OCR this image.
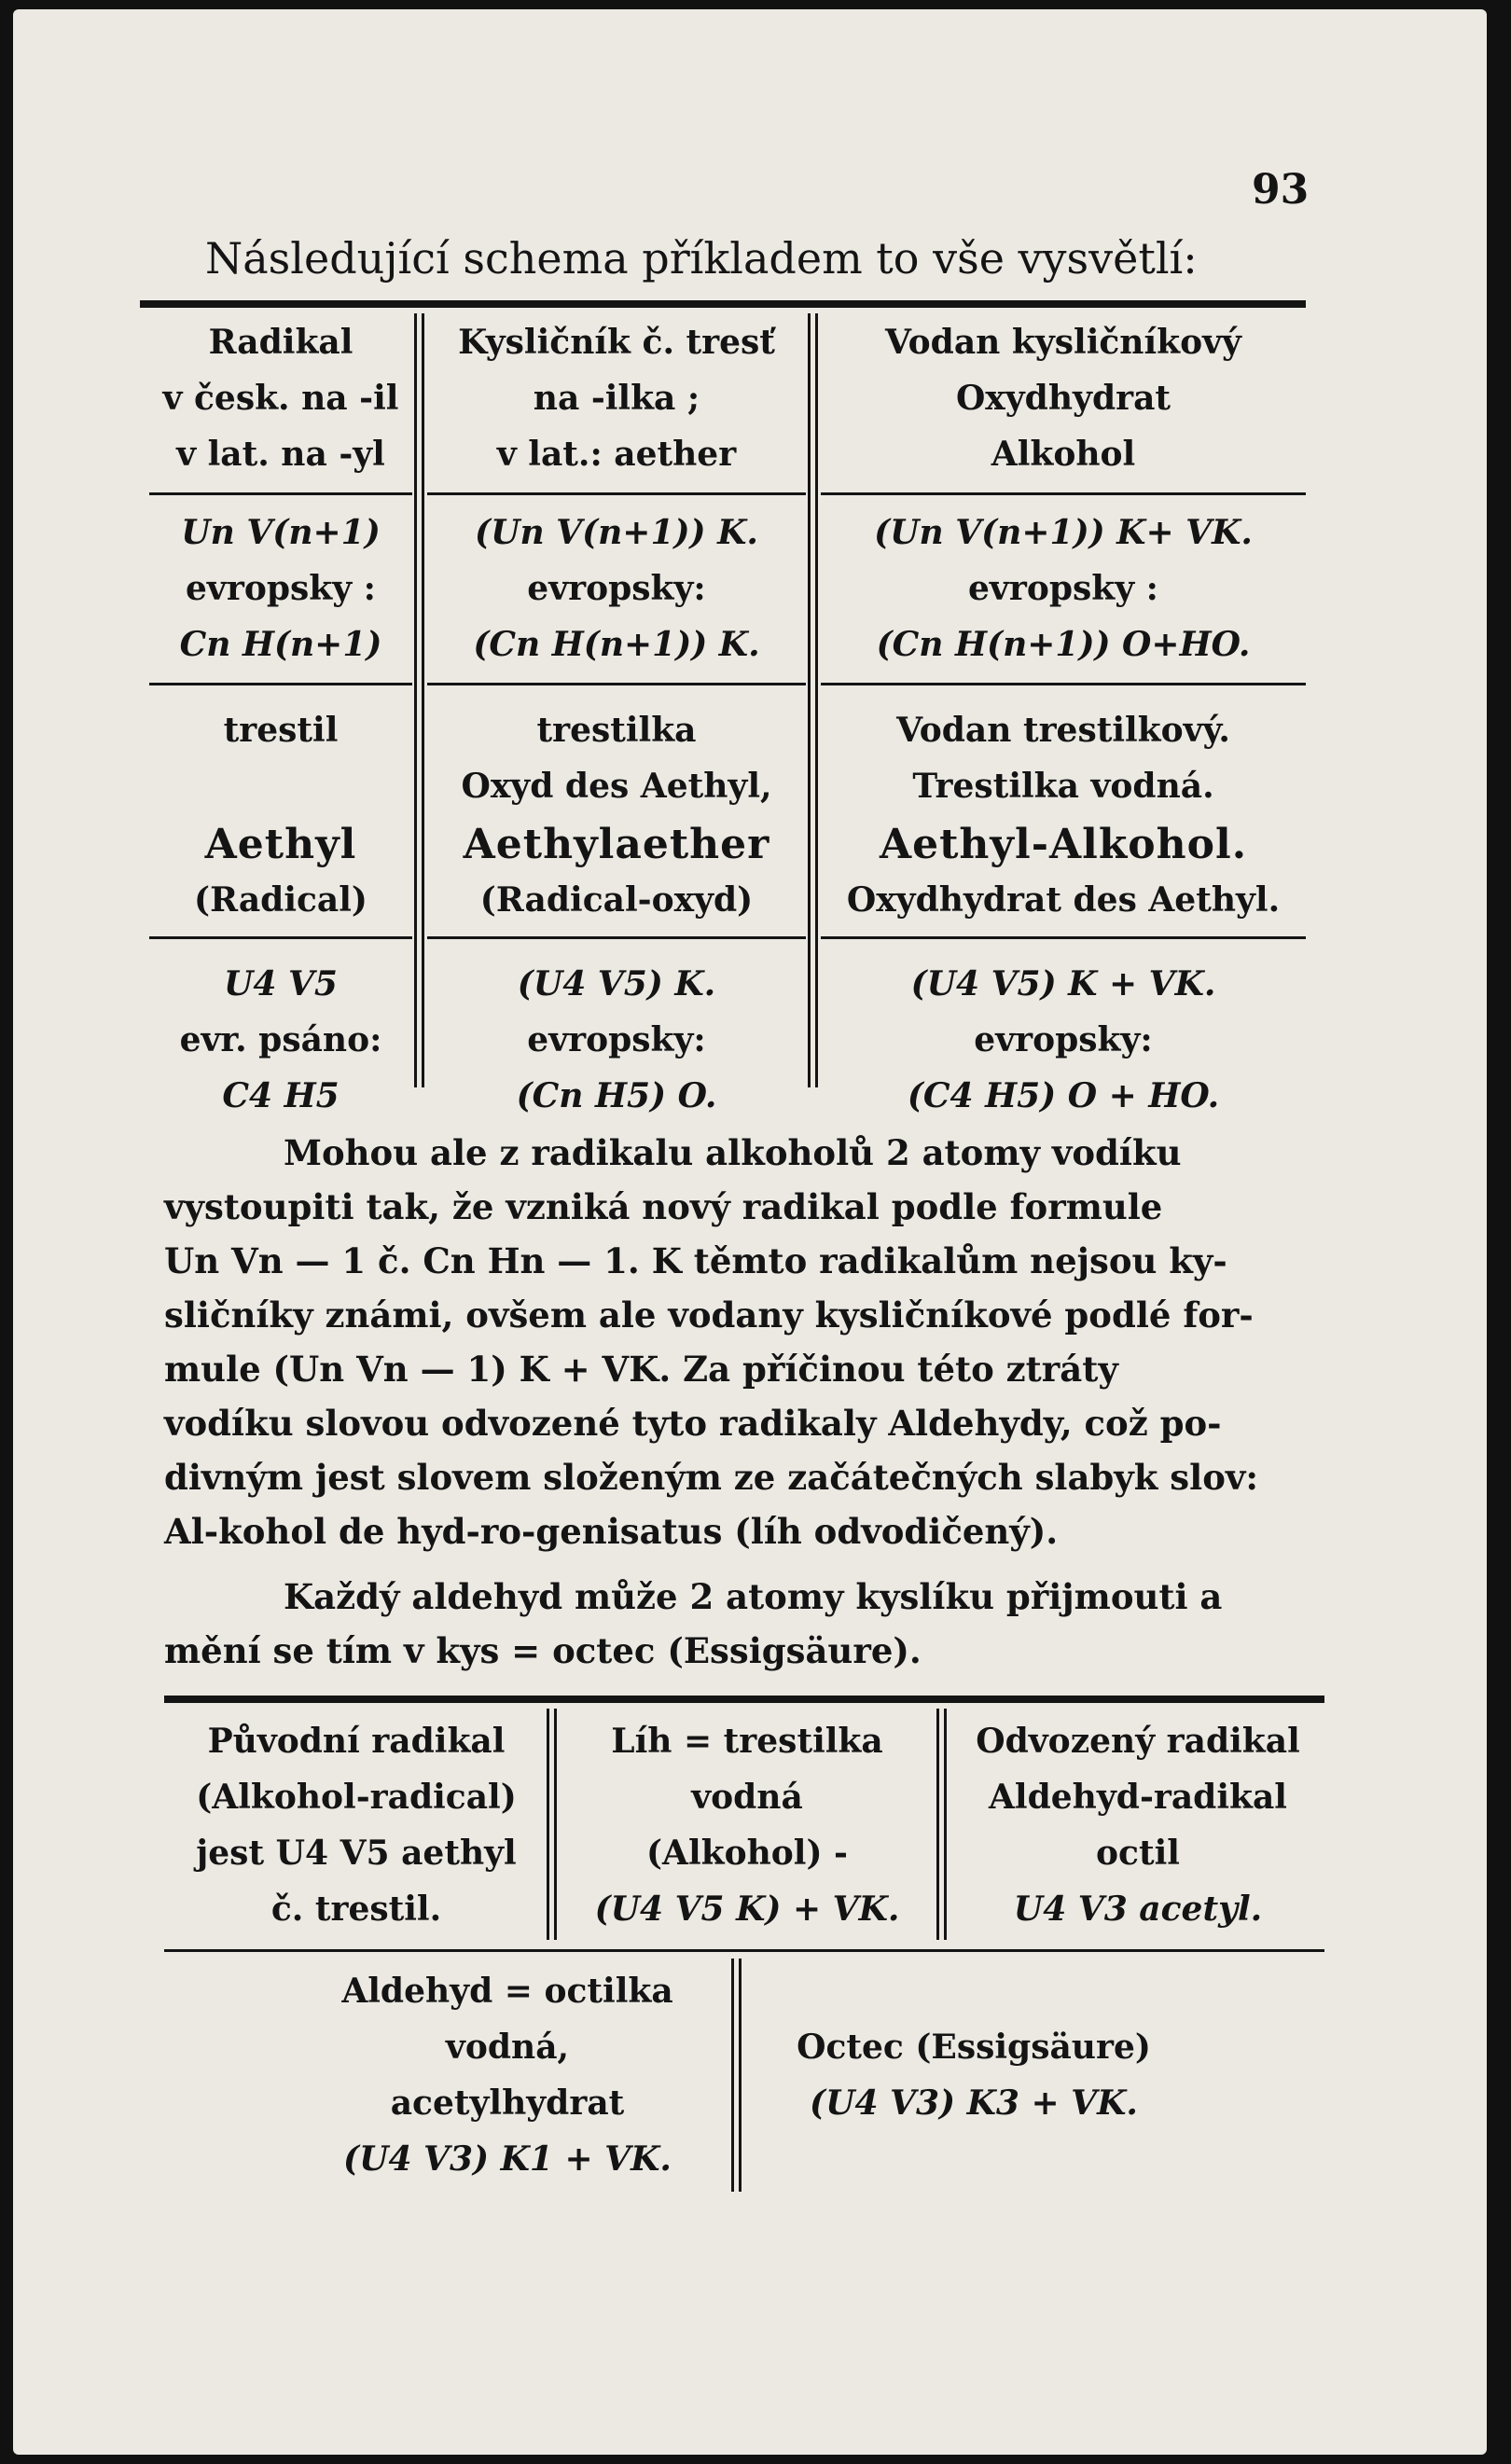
93
Následující schema příkladem to vše vysvětlí:
Radikal
v česk. na -il
v lat. na -yl
Kysličník č. tresť
na -ilka ;
v lat.: aether
Vodan kysličníkový
Oxydhydrat
Alkohol
Un V(n+1)
evropsky :
Cn H(n+1)
(Un V(n+1)) K.
evropsky:
(Cn H(n+1)) K.
(Un V(n+1)) K+ VK.
evropsky :
(Cn H(n+1)) O+HO.
trestil
Aethyl
(Radical)
trestilka
Oxyd des Aethyl,
Aethylaether
(Radical-oxyd)
Vodan trestilkový.
Trestilka vodná.
Aethyl-Alkohol.
Oxydhydrat des Aethyl.
U4 V5
evr. psáno:
C4 H5
(U4 V5) K.
evropsky:
(Cn H5) O.
(U4 V5) K + VK.
evropsky:
(C4 H5) O + HO.
Mohou ale z radikalu alkoholů 2 atomy vodíku
vystoupiti tak, že vzniká nový radikal podle formule
Un Vn — 1 č. Cn Hn — 1. K těmto radikalům nejsou ky-
sličníky známi, ovšem ale vodany kysličníkové podlé for-
mule (Un Vn — 1) K + VK. Za příčinou této ztráty
vodíku slovou odvozené tyto radikaly Aldehydy, což po-
divným jest slovem složeným ze začátečných slabyk slov:
Al-kohol de hyd-ro-genisatus (líh odvodičený).
Každý aldehyd může 2 atomy kyslíku přijmouti a
mění se tím v kys = octec (Essigsäure).
Původní radikal
(Alkohol-radical)
jest U4 V5 aethyl
č. trestil.
Líh = trestilka
vodná
(Alkohol) -
(U4 V5 K) + VK.
Odvozený radikal
Aldehyd-radikal
octil
U4 V3 acetyl.
Aldehyd = octilka
vodná,
acetylhydrat
(U4 V3) K1 + VK.
Octec (Essigsäure)
(U4 V3) K3 + VK.
